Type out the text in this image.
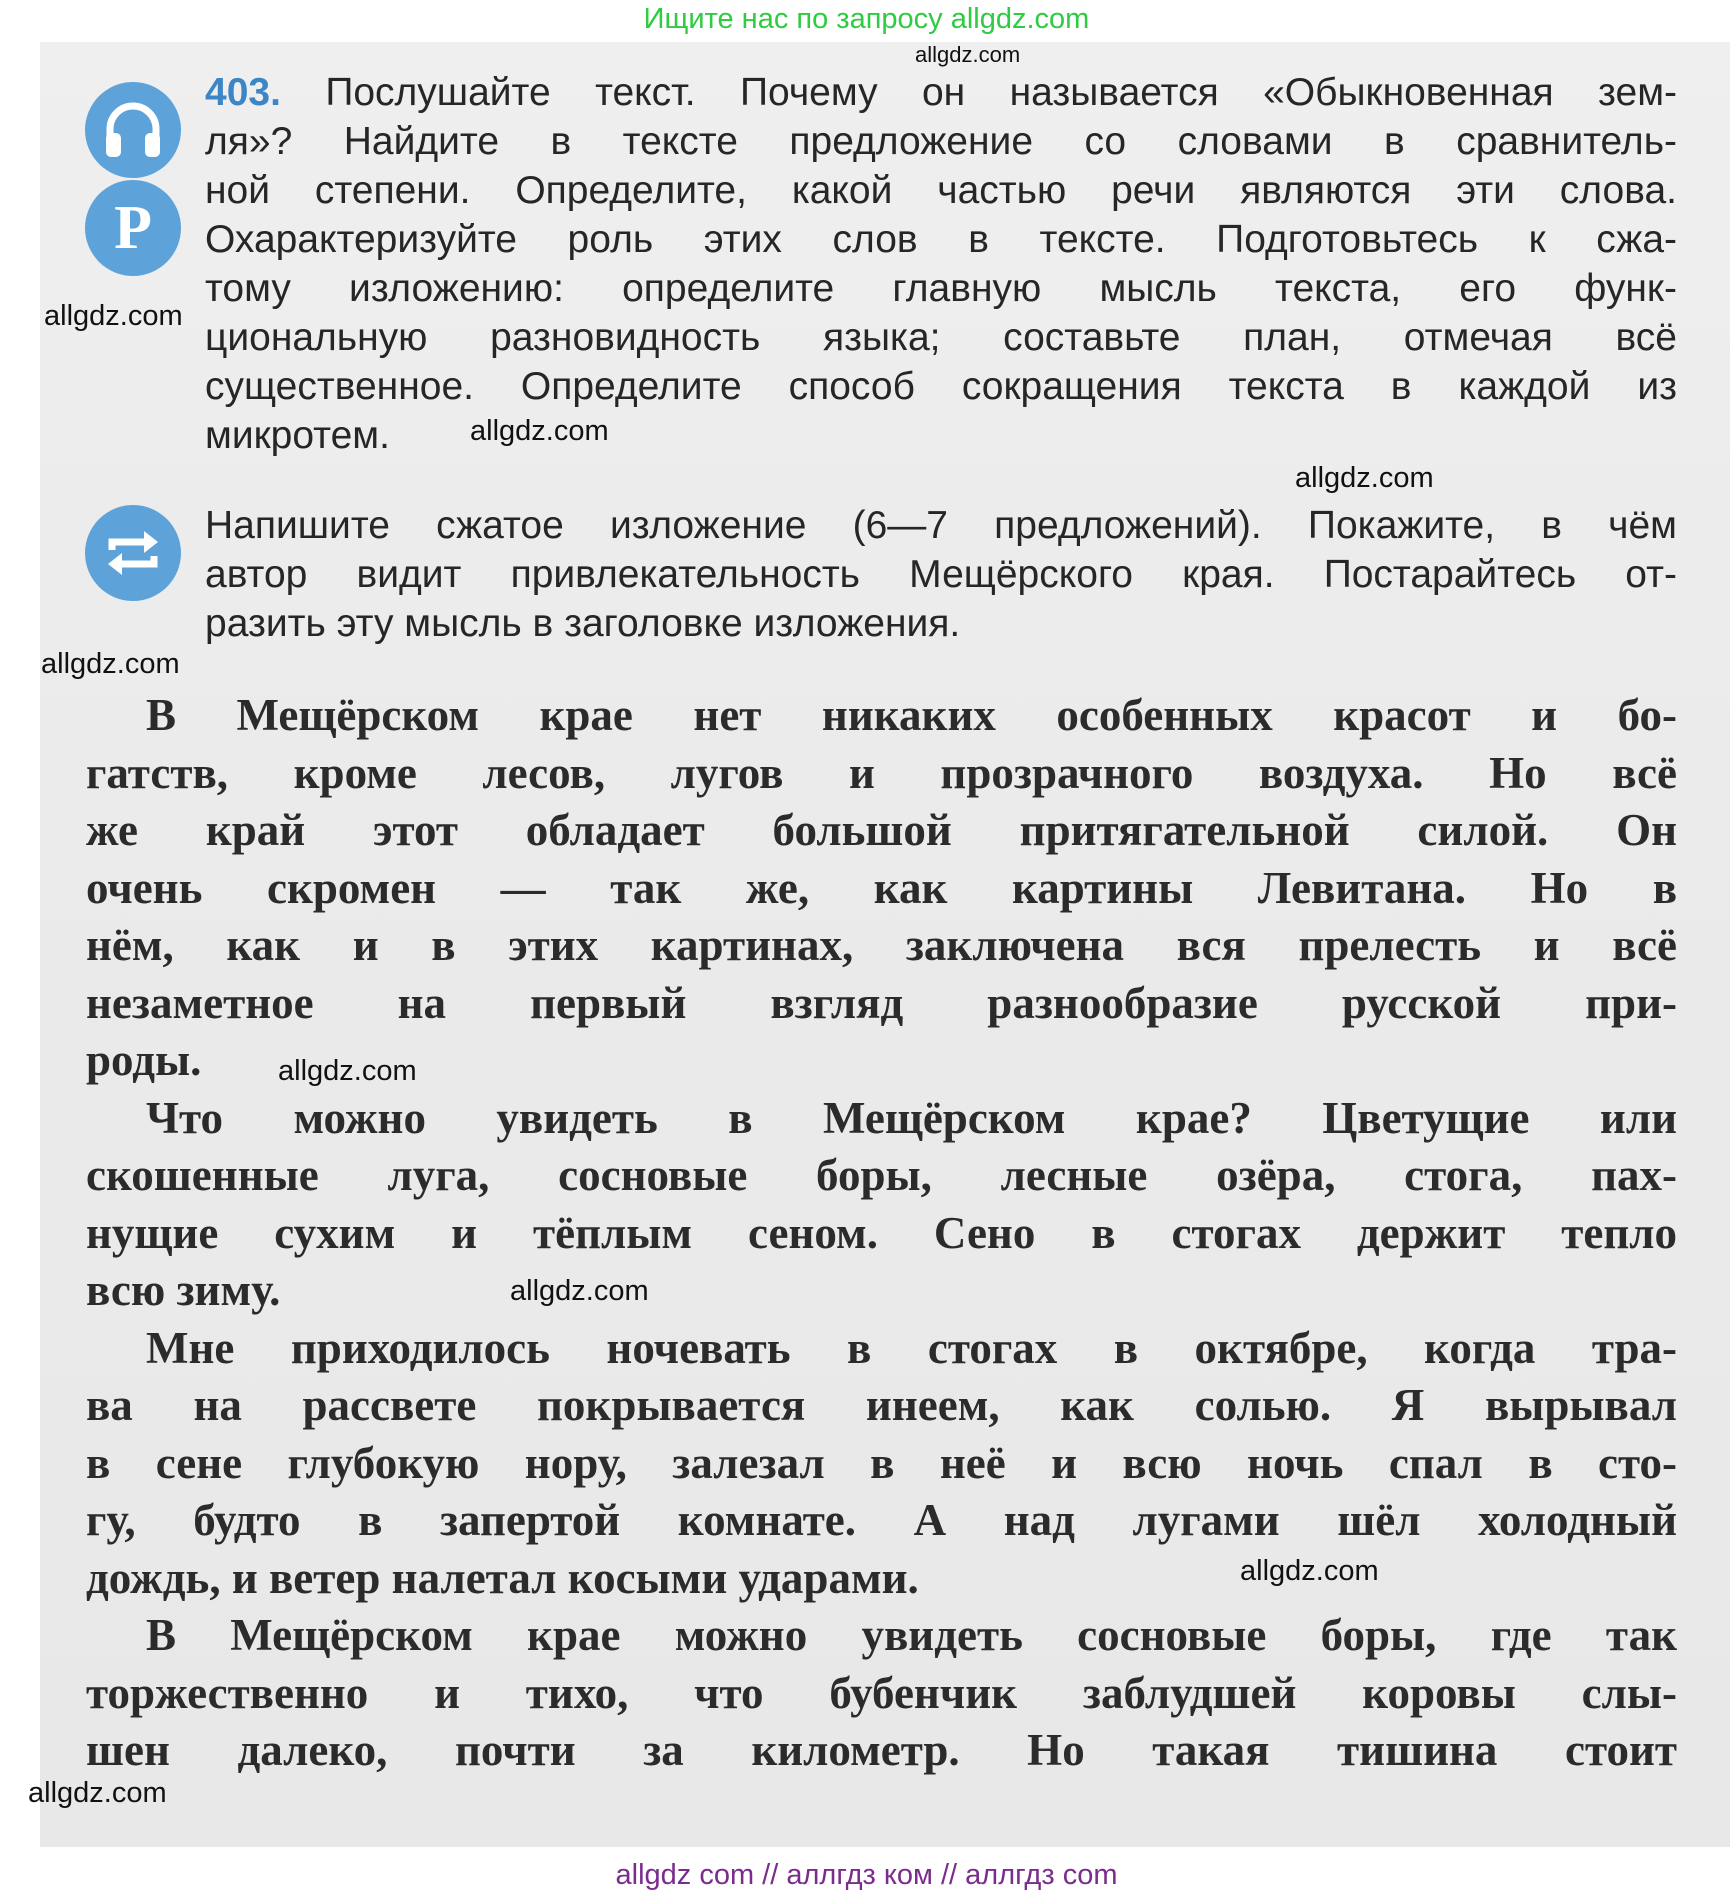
Ищите нас по запросу allgdz.com
Р
403. Послушайте текст. Почему он называется «Обыкновенная зем-
ля»? Найдите в тексте предложение со словами в сравнитель-
ной степени. Определите, какой частью речи являются эти слова.
Охарактеризуйте роль этих слов в тексте. Подготовьтесь к сжа-
тому изложению: определите главную мысль текста, его функ-
циональную разновидность языка; составьте план, отмечая всё
существенное. Определите способ сокращения текста в каждой из
микротем.
Напишите сжатое изложение (6—7 предложений). Покажите, в чём
автор видит привлекательность Мещёрского края. Постарайтесь от-
разить эту мысль в заголовке изложения.
В Мещёрском крае нет никаких особенных красот и бо-
гатств, кроме лесов, лугов и прозрачного воздуха. Но всё
же край этот обладает большой притягательной силой. Он
очень скромен — так же, как картины Левитана. Но в
нём, как и в этих картинах, заключена вся прелесть и всё
незаметное на первый взгляд разнообразие русской при-
роды.
Что можно увидеть в Мещёрском крае? Цветущие или
скошенные луга, сосновые боры, лесные озёра, стога, пах-
нущие сухим и тёплым сеном. Сено в стогах держит тепло
всю зиму.
Мне приходилось ночевать в стогах в октябре, когда тра-
ва на рассвете покрывается инеем, как солью. Я вырывал
в сене глубокую нору, залезал в неё и всю ночь спал в сто-
гу, будто в запертой комнате. А над лугами шёл холодный
дождь, и ветер налетал косыми ударами.
В Мещёрском крае можно увидеть сосновые боры, где так
торжественно и тихо, что бубенчик заблудшей коровы слы-
шен далеко, почти за километр. Но такая тишина стоит
allgdz.com
allgdz.com
allgdz.com
allgdz.com
allgdz.com
allgdz.com
allgdz.com
allgdz.com
allgdz.com
allgdz com // аллгдз ком // аллгдз com
